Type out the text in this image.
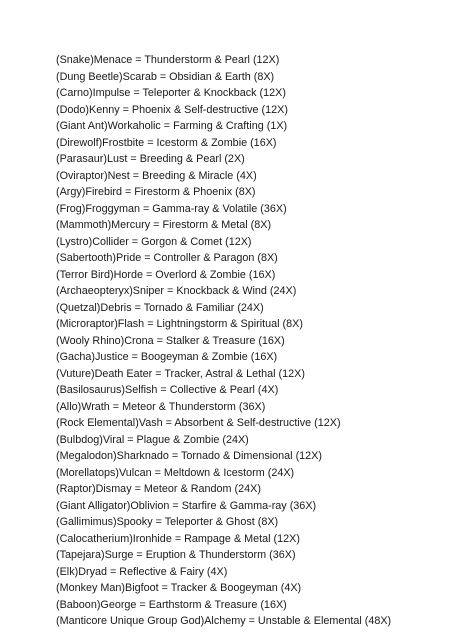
(Snake)Menace = Thunderstorm & Pearl (12X)
(Dung Beetle)Scarab = Obsidian & Earth (8X)
(Carno)Impulse = Teleporter & Knockback (12X)
(Dodo)Kenny = Phoenix & Self-destructive (12X)
(Giant Ant)Workaholic = Farming & Crafting (1X)
(Direwolf)Frostbite = Icestorm & Zombie (16X)
(Parasaur)Lust = Breeding & Pearl (2X)
(Oviraptor)Nest = Breeding & Miracle (4X)
(Argy)Firebird = Firestorm & Phoenix (8X)
(Frog)Froggyman = Gamma-ray & Volatile (36X)
(Mammoth)Mercury = Firestorm & Metal (8X)
(Lystro)Collider = Gorgon & Comet (12X)
(Sabertooth)Pride = Controller & Paragon (8X)
(Terror Bird)Horde = Overlord & Zombie (16X)
(Archaeopteryx)Sniper = Knockback & Wind (24X)
(Quetzal)Debris = Tornado & Familiar (24X)
(Microraptor)Flash = Lightningstorm & Spiritual (8X)
(Wooly Rhino)Crona = Stalker & Treasure (16X)
(Gacha)Justice = Boogeyman & Zombie (16X)
(Vuture)Death Eater = Tracker, Astral & Lethal (12X)
(Basilosaurus)Selfish = Collective & Pearl (4X)
(Allo)Wrath = Meteor & Thunderstorm (36X)
(Rock Elemental)Vash = Absorbent & Self-destructive (12X)
(Bulbdog)Viral = Plague & Zombie (24X)
(Megalodon)Sharknado = Tornado & Dimensional (12X)
(Morellatops)Vulcan = Meltdown & Icestorm (24X)
(Raptor)Dismay = Meteor & Random (24X)
(Giant Alligator)Oblivion = Starfire & Gamma-ray (36X)
(Gallimimus)Spooky = Teleporter & Ghost (8X)
(Calocatherium)Ironhide = Rampage & Metal (12X)
(Tapejara)Surge = Eruption & Thunderstorm (36X)
(Elk)Dryad = Reflective & Fairy (4X)
(Monkey Man)Bigfoot = Tracker & Boogeyman (4X)
(Baboon)George = Earthstorm & Treasure (16X)
(Manticore Unique Group God)Alchemy = Unstable & Elemental (48X)
